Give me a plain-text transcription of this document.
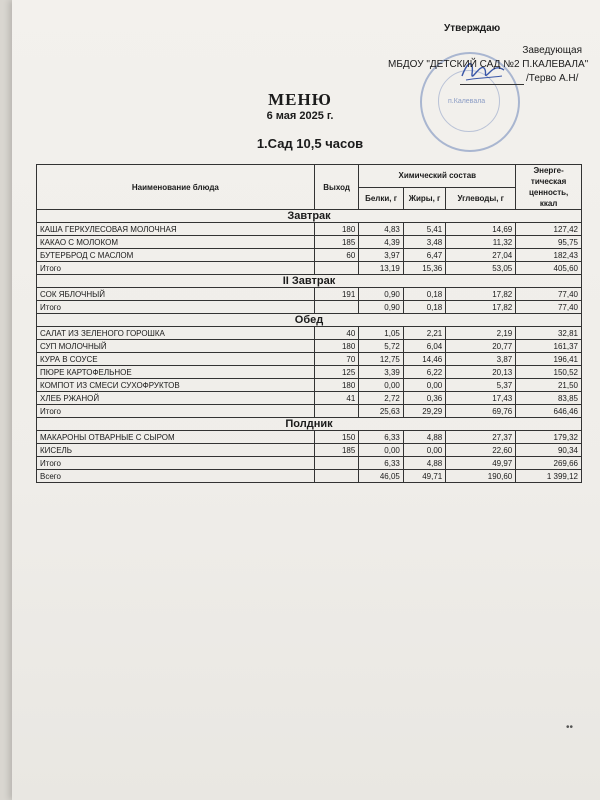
п.Калевала
Утверждаю
Заведующая
МБДОУ "ДЕТСКИЙ САД №2 П.КАЛЕВАЛА"
/Терво А.Н/
МЕНЮ
6 мая 2025 г.
1.Сад 10,5 часов
Наименование блюда	Выход	Химический состав			Энерге-тическая ценность, ккал
		Белки, г	Жиры, г	Углеводы, г	
Завтрак					
КАША ГЕРКУЛЕСОВАЯ МОЛОЧНАЯ	180	4,83	5,41	14,69	127,42
КАКАО С МОЛОКОМ	185	4,39	3,48	11,32	95,75
БУТЕРБРОД С МАСЛОМ	60	3,97	6,47	27,04	182,43
Итого		13,19	15,36	53,05	405,60
II Завтрак					
СОК ЯБЛОЧНЫЙ	191	0,90	0,18	17,82	77,40
Итого		0,90	0,18	17,82	77,40
Обед					
САЛАТ ИЗ ЗЕЛЕНОГО ГОРОШКА	40	1,05	2,21	2,19	32,81
СУП МОЛОЧНЫЙ	180	5,72	6,04	20,77	161,37
КУРА В СОУСЕ	70	12,75	14,46	3,87	196,41
ПЮРЕ КАРТОФЕЛЬНОЕ	125	3,39	6,22	20,13	150,52
КОМПОТ ИЗ СМЕСИ СУХОФРУКТОВ	180	0,00	0,00	5,37	21,50
ХЛЕБ РЖАНОЙ	41	2,72	0,36	17,43	83,85
Итого		25,63	29,29	69,76	646,46
Полдник					
МАКАРОНЫ ОТВАРНЫЕ С СЫРОМ	150	6,33	4,88	27,37	179,32
КИСЕЛЬ	185	0,00	0,00	22,60	90,34
Итого		6,33	4,88	49,97	269,66
Всего		46,05	49,71	190,60	1 399,12
••
